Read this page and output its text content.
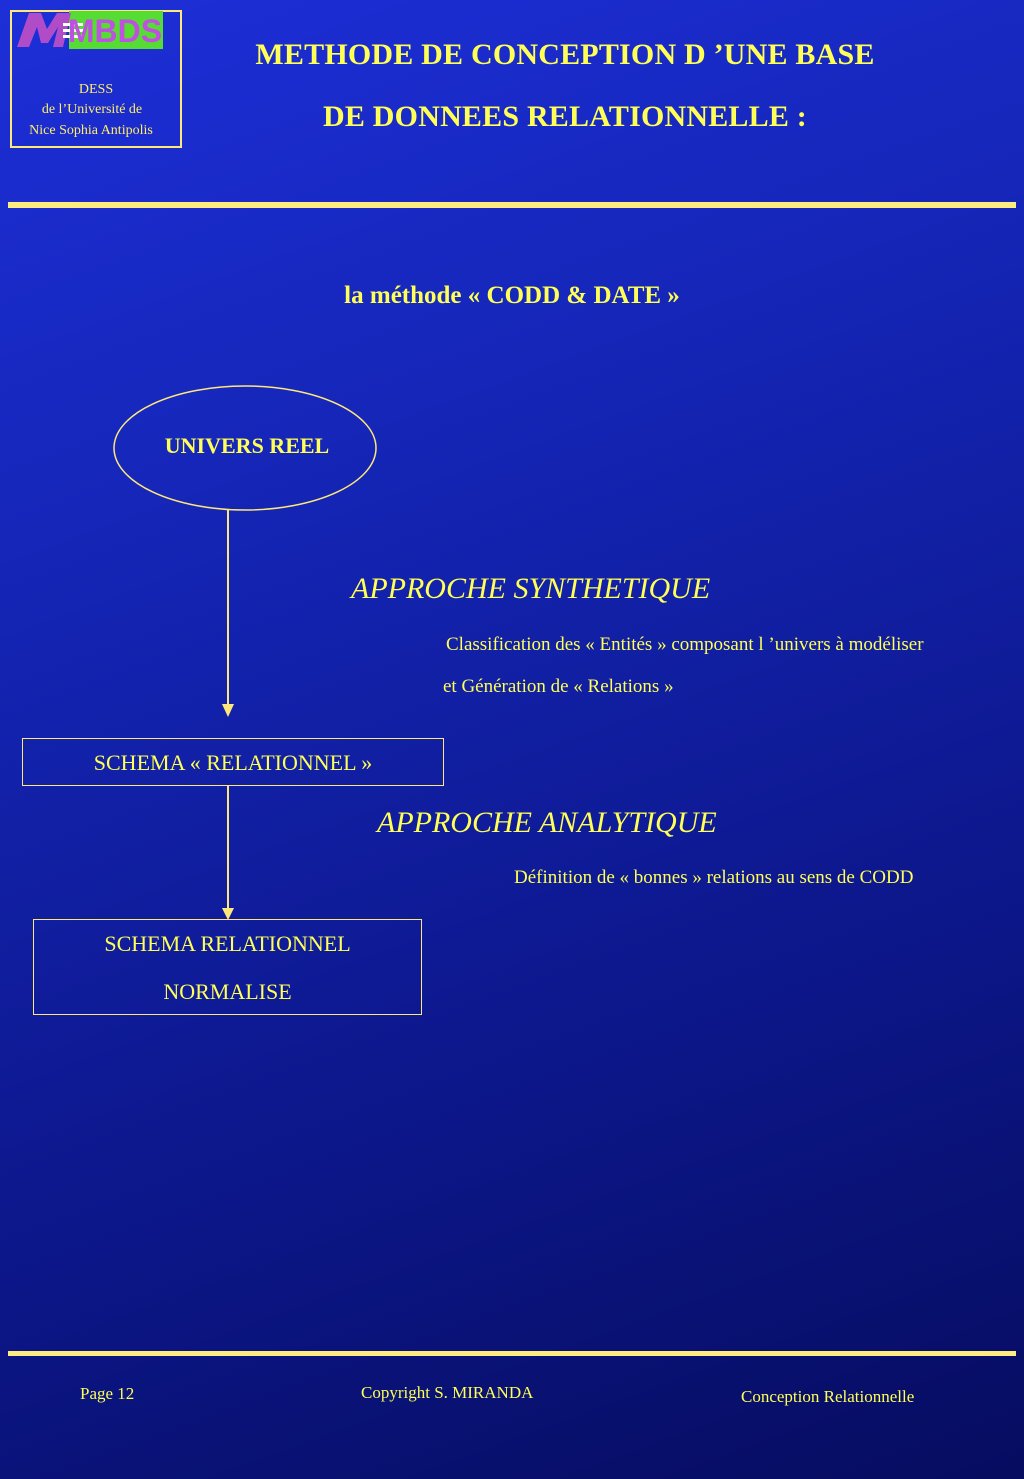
MBDS
DESS
de l’Université de
Nice Sophia Antipolis
METHODE DE CONCEPTION D ’UNE BASE
DE DONNEES RELATIONNELLE :
la méthode « CODD & DATE »
UNIVERS REEL
SCHEMA « RELATIONNEL »
SCHEMA RELATIONNEL
NORMALISE
APPROCHE SYNTHETIQUE
Classification des « Entités » composant l ’univers à modéliser
et Génération de « Relations »
APPROCHE ANALYTIQUE
Définition de « bonnes » relations au sens de CODD
Page 12	Copyright S. MIRANDA	Conception Relationnelle
